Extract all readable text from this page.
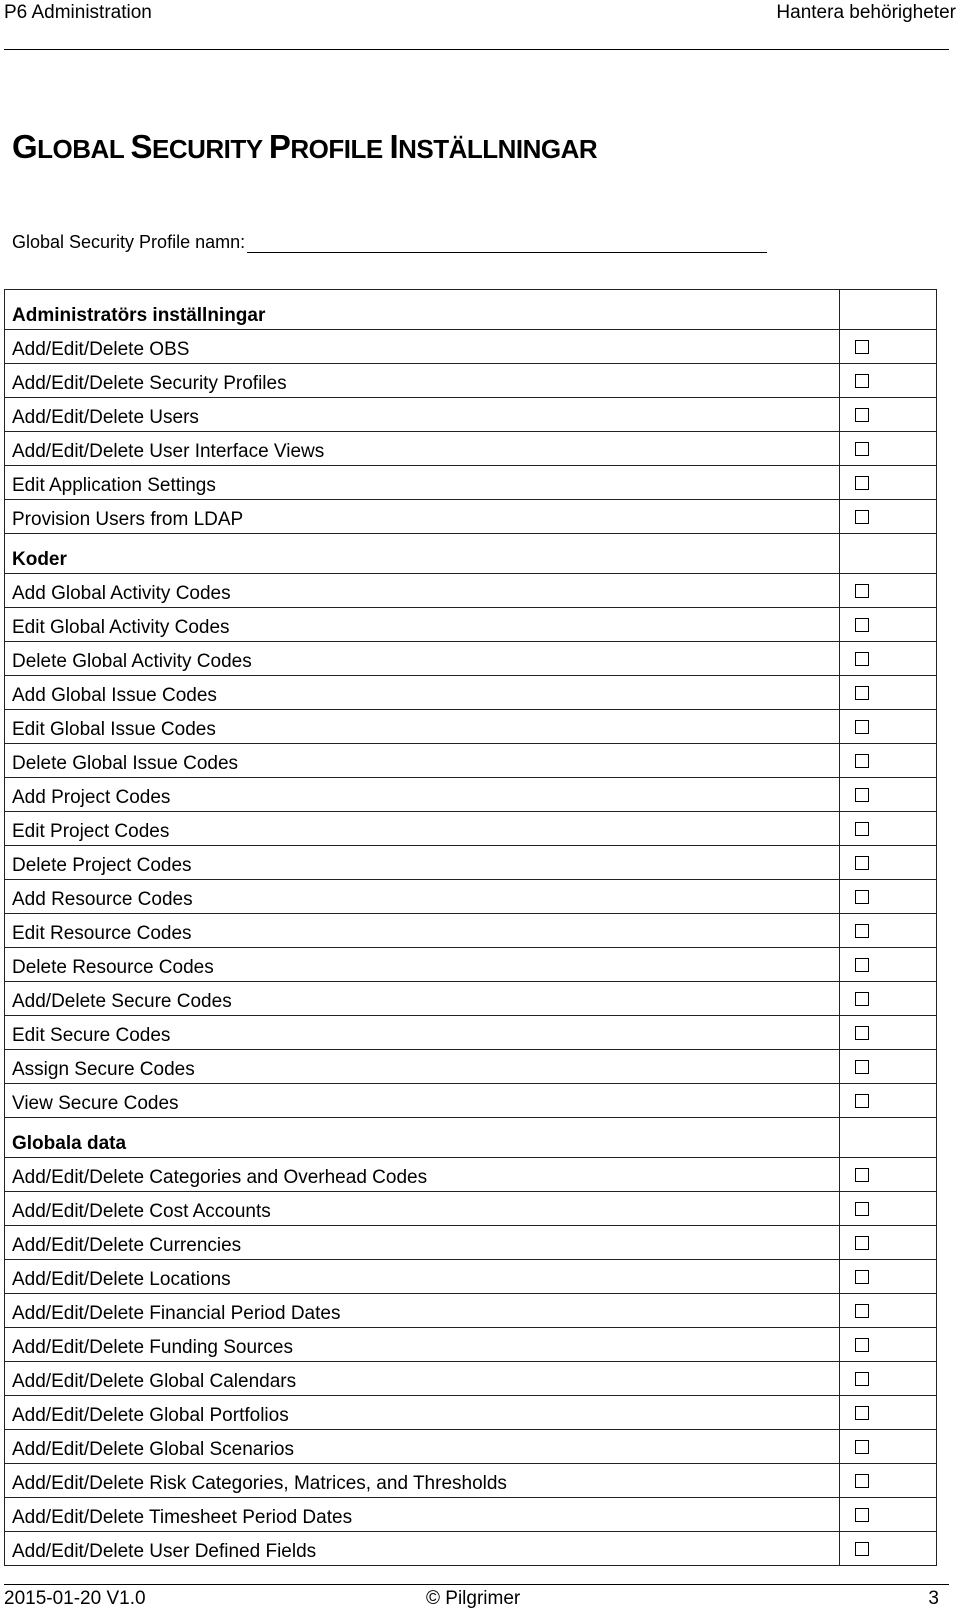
P6 Administration	Hantera behörigheter
GLOBAL SECURITY PROFILE INSTÄLLNINGAR
Global Security Profile namn:
Administratörs inställningar	
Add/Edit/Delete OBS	

Add/Edit/Delete Security Profiles	

Add/Edit/Delete Users	

Add/Edit/Delete User Interface Views	

Edit Application Settings	

Provision Users from LDAP	

Koder	
Add Global Activity Codes	

Edit Global Activity Codes	

Delete Global Activity Codes	

Add Global Issue Codes	

Edit Global Issue Codes	

Delete Global Issue Codes	

Add Project Codes	

Edit Project Codes	

Delete Project Codes	

Add Resource Codes	

Edit Resource Codes	

Delete Resource Codes	

Add/Delete Secure Codes	

Edit Secure Codes	

Assign Secure Codes	

View Secure Codes	

Globala data	
Add/Edit/Delete Categories and Overhead Codes	

Add/Edit/Delete Cost Accounts	

Add/Edit/Delete Currencies	

Add/Edit/Delete Locations	

Add/Edit/Delete Financial Period Dates	

Add/Edit/Delete Funding Sources	

Add/Edit/Delete Global Calendars	

Add/Edit/Delete Global Portfolios	

Add/Edit/Delete Global Scenarios	

Add/Edit/Delete Risk Categories, Matrices, and Thresholds	

Add/Edit/Delete Timesheet Period Dates	

Add/Edit/Delete User Defined Fields	
2015-01-20 V1.0	© Pilgrimer	3
